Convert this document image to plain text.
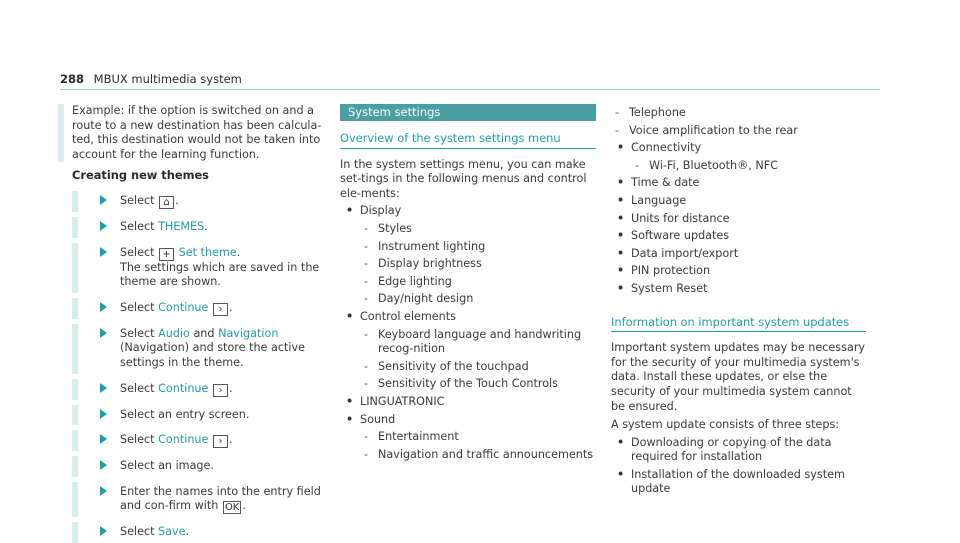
288 MBUX multimedia system
Example: if the option is switched on and a route to a new destination has been calcula-ted, this destination would not be taken into account for the learning function.
Creating new themes
Select ⌂ .
Select THEMES.
Select + Set theme.
The settings which are saved in the theme are shown.
Select Continue › .
Select Audio and Navigation (Navigation) and store the active settings in the theme.
Select Continue › .
Select an entry screen.
Select Continue › .
Select an image.
Enter the names into the entry field and con-firm with OK .
Select Save.
System settings
Overview of the system settings menu
In the system settings menu, you can make set-tings in the following menus and control ele-ments:
• Display
- Styles
- Instrument lighting
- Display brightness
- Edge lighting
- Day/night design
• Control elements
- Keyboard language and handwriting recog-nition
- Sensitivity of the touchpad
- Sensitivity of the Touch Controls
• LINGUATRONIC
• Sound
- Entertainment
- Navigation and traffic announcements
- Telephone
- Voice amplification to the rear
• Connectivity
- Wi-Fi, Bluetooth®, NFC
• Time & date
• Language
• Units for distance
• Software updates
• Data import/export
• PIN protection
• System Reset
Information on important system updates
Important system updates may be necessary for the security of your multimedia system's data. Install these updates, or else the security of your multimedia system cannot be ensured.
A system update consists of three steps:
• Downloading or copying of the data required for installation
• Installation of the downloaded system update
